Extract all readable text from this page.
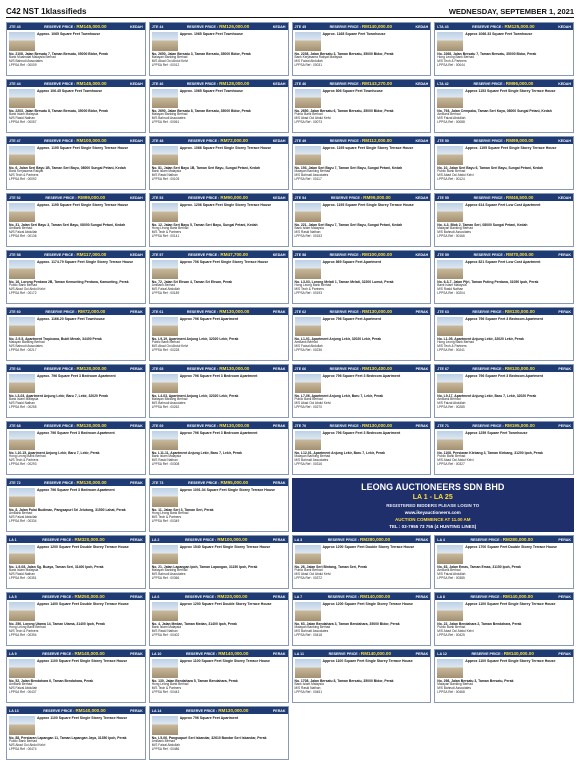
C42 NST 1klassifieds	WEDNESDAY, SEPTEMBER 1, 2021
JTE 43	RESERVE PRICE : RM145,000.00	KEDAH
Approx. 1065 Square Feet Townhouse
No. 2108, Jalan Bersatu 7, Taman Bersatu, 05000 Bidor, Perak
Bank Muamalat Malaysia Berhad
M/S Bahrudi Associates
LPPSA Ref : 00009
JTE 44	RESERVE PRICE : RM126,000.00	KEDAH
Approx. 1065 Square Feet Townhouse
No. 2650, Jalan Bersatu 3, Taman Bersatu, 35000 Bidor, Perak
Malayan Banking Berhad
M/S Abad Ooi Abdul Kelvi
LPPSA Ref : 00012
JTE 45	RESERVE PRICE : RM140,000.00	KEDAH
Approx. 1168 Square Feet Townhouse
No. 2238, Jalan Bersatu 3, Taman Bersatu, 35000 Bidor, Perak
Bank Kerjasama Rakyat Malaysia
M/S Faizal Abdullah
LPPSA Ref : 00031
LTA 43	RESERVE PRICE : RM125,000.00	KEDAH
Approx 1066.33 Square Feet Townhouse
No. 2268, Jalan Bersatu 7, Taman Bersatu, 35000 Bidor, Perak
Hong Leong Bank Berhad
M/S Teoh & Partners
LPPSA Ref : 00044
JTE 44	RESERVE PRICE : RM145,000.00	KEDAH
Approx 106.45 Square Feet Townhouse
No. 2203, Jalan Bersatu 8, Taman Bersatu, 35000 Bidor, Perak
Bank Islam Malaysia
M/S Rasid Nathan
LPPSA Ref : 00057
JTE 46	RESERVE PRICE : RM128,000.00	KEDAH
Approx. 1065 Square Feet Townhouse
No. 2690, Jalan Bersatu 8, Taman Bersatu, 35000 Bidor, Perak
Malayan Banking Berhad
M/S Bahrudi Associates
LPPSA Ref : 00061
JTE 46	RESERVE PRICE : RM143,270.00	KEDAH
Approx 806 Square Feet Townhouse
No. 2650, Jalan Bersatu 6, Taman Bersatu, 35000 Bidor, Perak
Public Bank Berhad
M/S Abad Ooi Abdul Kelvi
LPPSA Ref : 00073
LTA 42	RESERVE PRICE : RM96,000.00	KEDAH
Approx 1153 Square Feet Single Storey Terrace House
No. 793, Jalan Cempaka, Taman Seri Kaya, 08000 Sungai Petani, Kedah
AmBank Berhad
M/S Faizal Abdullah
LPPSA Ref : 00088
JTE 47	RESERVE PRICE : RM100,000.00	KEDAH
Approx. 1195 Square Feet Single Storey Terrace House
No. 6, Jalan Seri Bayu 1B, Taman Seri Bayu, 08000 Sungai Petani, Kedah
Bank Kerjasama Rakyat
M/S Teoh & Partners
LPPSA Ref : 00092
JTE 48	RESERVE PRICE : RM72,000.00	KEDAH
Approx. 1066 Square Feet Single Storey Terrace House
No. 81, Jalan Seri Bayu 1B, Taman Seri Bayu, Sungai Petani, Kedah
Bank Islam Malaysia
M/S Rasid Nathan
LPPSA Ref : 00105
JTE 49	RESERVE PRICE : RM112,000.00	KEDAH
Approx. 1195 square Feet Single Storey Terrace House
No. 193, Jalan Seri Bayu 7, Taman Seri Bayu, Sungai Petani, Kedah
Malayan Banking Berhad
M/S Bahrudi Associates
LPPSA Ref : 00117
JTE 50	RESERVE PRICE : RM99,000.00	KEDAH
Approx. 1195 Square Feet Single Storey Terrace House
No. 10, Jalan Seri Bayu 6, Taman Seri Bayu, Sungai Petani, Kedah
Public Bank Berhad
M/S Abad Ooi Abdul Kelvi
LPPSA Ref : 00124
JTE 52	RESERVE PRICE : RM99,000.00	KEDAH
Approx. 1195 Square Feet Single Storey Terrace House
No. 31, Jalan Seri Bayu 3, Taman Seri Bayu, 08000 Sungai Petani, Kedah
AmBank Berhad
M/S Faizal Abdullah
LPPSA Ref : 00136
JTE 53	RESERVE PRICE : RM90,000.00	KEDAH
Approx. 1206 Square Feet Single Storey Terrace House
No. 12, Jalan Seri Bayu 5, Taman Seri Bayu, Sungai Petani, Kedah
Hong Leong Bank Berhad
M/S Teoh & Partners
LPPSA Ref : 00141
JTE 54	RESERVE PRICE : RM99,000.00	KEDAH
Approx. 1195 Square Feet Single Storey Terrace House
No. 221, Jalan Seri Bayu 7, Taman Seri Bayu, Sungai Petani, Kedah
Bank Islam Malaysia
M/S Rasid Nathan
LPPSA Ref : 00153
JTE 55	RESERVE PRICE : RM46,500.00	KEDAH
Approx 614 Square Feet Low Cost Apartment
No. 4-3, Blok 2, Taman Seri, 08000 Sungai Petani, Kedah
Malayan Banking Berhad
M/S Bahrudi Associates
LPPSA Ref : 00166
JTE 58	RESERVE PRICE : RM117,000.00	KEDAH
Approx. 1174.79 Square Feet Single Storey Terrace House
No. 16, Lorong Perdana 2B, Taman Kemunting Perdana, Kamunting, Perak
Public Bank Berhad
M/S Abad Ooi Abdul Kelvi
LPPSA Ref : 00172
JTE 57	RESERVE PRICE : RM47,700.00	KEDAH
Approx 706 Square Feet Single Storey Terrace House
No. 72, Jalan Sri Ehsan 4, Taman Sri Ehsan, Perak
AmBank Berhad
M/S Faizal Abdullah
LPPSA Ref : 00189
JTE 58	RESERVE PRICE : RM100,000.00	KEDAH
Approx 869 Square Feet Apartment
No. L3-03, Lorong Melati 1, Taman Melati, 32200 Lumut, Perak
Hong Leong Bank Berhad
M/S Teoh & Partners
LPPSA Ref : 00193
JTE 59	RESERVE PRICE : RM70,000.00	PERAK
Approx 821 Square Feet Low Cost Apartment
No. 6-3-7, Jalan Pijri, Taman Puting Perdana, 31050 Ipoh, Perak
Bank Islam Malaysia
M/S Rasid Nathan
LPPSA Ref : 00204
JTE 60	RESERVE PRICE : RM72,000.00	PERAK
Approx. 1166.20 Square Feet Townhouse
No. 2-9-5, Apartment Tropicana, Bukit Merah, 34400 Perak
Malayan Banking Berhad
M/S Bahrudi Associates
LPPSA Ref : 00217
JTE 61	RESERVE PRICE : RM130,000.00	PERAK
Approx 796 Square Feet Apartment
No. L9-19, Apartment Anjung Lekir, 32020 Lekir, Perak
Public Bank Berhad
M/S Abad Ooi Abdul Kelvi
LPPSA Ref : 00228
JTE 62	RESERVE PRICE : RM130,000.00	PERAK
Approx 796 Square Feet Apartment
No. L1-01, Apartment Anjung Lekir, 32020 Lekir, Perak
AmBank Berhad
M/S Faizal Abdullah
LPPSA Ref : 00236
JTE 63	RESERVE PRICE : RM130,000.00	PERAK
Approx 796 Square Feet 3 Bedroom Apartment
No. L1-05, Apartment Anjung Lekir, 32020 Lekir, Perak
Hong Leong Bank Berhad
M/S Teoh & Partners
LPPSA Ref : 00241
JTE 64	RESERVE PRICE : RM130,000.00	PERAK
Approx. 796 Square Feet 3 Bedroom Apartment
No. L3-03, Apartment Anjung Lekir, Baru 7, Lekir, 32020 Perak
Bank Islam Malaysia
M/S Rasid Nathan
LPPSA Ref : 00255
JTE 65	RESERVE PRICE : RM130,000.00	PERAK
Approx 796 Square Feet 3 Bedroom Apartment
No. L4-03, Apartment Anjung Lekir, 32020 Lekir, Perak
Malayan Banking Berhad
M/S Bahrudi Associates
LPPSA Ref : 00262
JTE 66	RESERVE PRICE : RM130,400.00	PERAK
Approx 796 Square Feet 3 Bedroom Apartment
No. L7-06, Apartment Anjung Lekir, Baru 7, Lekir, Perak
Public Bank Berhad
M/S Abad Ooi Abdul Kelvi
LPPSA Ref : 00270
JTE 67	RESERVE PRICE : RM130,000.00	PERAK
Approx 796 Square Feet 3 Bedroom Apartment
No. L9-17, Apartment Anjung Lekir, Baru 7, Lekir, 32020 Perak
AmBank Berhad
M/S Faizal Abdullah
LPPSA Ref : 00285
JTE 68	RESERVE PRICE : RM130,000.00	PERAK
Approx 796 Square Feet 3 Bedroom Apartment
No. L10-15, Apartment Anjung Lekir, Baru 7, Lekir, Perak
Hong Leong Bank Berhad
M/S Teoh & Partners
LPPSA Ref : 00293
JTE 69	RESERVE PRICE : RM130,000.00	PERAK
Approx 796 Square Feet 3 Bedroom Apartment
No. L11-11, Apartment Anjung Lekir, Baru 7, Lekir, Perak
Bank Islam Malaysia
M/S Rasid Nathan
LPPSA Ref : 00308
JTE 70	RESERVE PRICE : RM130,000.00	PERAK
Approx 796 Square Feet 3 Bedroom Apartment
No. L12-01, Apartment Anjung Lekir, Baru 7, Lekir, Perak
Malayan Banking Berhad
M/S Bahrudi Associates
LPPSA Ref : 00316
JTE 71	RESERVE PRICE : RM195,000.00	PERAK
Approx 1259 Square Feet Townhouse
No. 1108, Persiaran Klebang 3, Taman Klebang, 31200 Ipoh, Perak
Public Bank Berhad
M/S Abad Ooi Abdul Kelvi
LPPSA Ref : 00327
JTE 72	RESERVE PRICE : RM130,000.00	PERAK
Approx 796 Square Feet 3 Bedroom Apartment
No. 8, Jalan Pulai Budiman, Pangsapuri Sri Jelutong, 31500 Lahat, Perak
AmBank Berhad
M/S Faizal Abdullah
LPPSA Ref : 00334
JTE 73	RESERVE PRICE : RM95,000.00	PERAK
Approx 1001.04 Square Feet Single Storey Terrace House
No. 11, Jalan Seri 3, Taman Seri, Perak
Hong Leong Bank Berhad
M/S Teoh & Partners
LPPSA Ref : 00349
LEONG AUCTIONEERS SDN BHD
LA 1 - LA 25
REGISTERED BIDDERS PLEASE LOGIN TO
www.ikeyauctioneers.com
AUCTION COMMENCE AT 11.00 AM
TEL : 03-7955 73 755 (4 HUNTING LINES)
LA 1	RESERVE PRICE : RM320,000.00	PERAK
Approx 1200 Square Feet Double Storey Terrace House
No. 1-9-08, Jalan Sg. Buaya, Taman Seri, 31400 Ipoh, Perak
Bank Islam Malaysia
M/S Rasid Nathan
LPPSA Ref : 00351
LA 2	RESERVE PRICE : RM100,000.00	PERAK
Approx 1540 Square Feet Single Storey Terrace House
No. 21, Jalan Lapangan Ipoh, Taman Lapangan, 31150 Ipoh, Perak
Malayan Banking Berhad
M/S Bahrudi Associates
LPPSA Ref : 00366
LA 3	RESERVE PRICE : RM280,000.00	PERAK
Approx 1200 Square Feet Double Storey Terrace House
No. 26, Jalan Seri Bintang, Taman Seri, Perak
Public Bank Berhad
M/S Abad Ooi Abdul Kelvi
LPPSA Ref : 00372
LA 4	RESERVE PRICE : RM280,000.00	PERAK
Approx 1700 Square Feet Double Storey Terrace House
No. 63, Jalan Emas, Taman Emas, 31150 Ipoh, Perak
AmBank Berhad
M/S Faizal Abdullah
LPPSA Ref : 00385
LA 5	RESERVE PRICE : RM250,000.00	PERAK
Approx 1400 Square Feet Double Storey Terrace House
No. 256, Lorong Utama 14, Taman Utama, 31400 Ipoh, Perak
Hong Leong Bank Berhad
M/S Teoh & Partners
LPPSA Ref : 00394
LA 6	RESERVE PRICE : RM220,000.00	PERAK
Approx 1200 Square Feet Double Storey Terrace House
No. 4, Jalan Medan, Taman Medan, 31400 Ipoh, Perak
Bank Islam Malaysia
M/S Rasid Nathan
LPPSA Ref : 00402
LA 7	RESERVE PRICE : RM140,000.00	PERAK
Approx 1200 Square Feet Single Storey Terrace House
No. 63, Jalan Bendahara 3, Taman Bendahara, 35000 Bidor, Perak
Malayan Banking Berhad
M/S Bahrudi Associates
LPPSA Ref : 00418
LA 8	RESERVE PRICE : RM140,000.00	PERAK
Approx 1100 Square Feet Single Storey Terrace House
No. 22, Jalan Bendahara 2, Taman Bendahara, Perak
Public Bank Berhad
M/S Abad Ooi Abdul Kelvi
LPPSA Ref : 00425
LA 9	RESERVE PRICE : RM140,000.00	PERAK
Approx 1100 Square Feet Single Storey Terrace House
No. 52, Jalan Bendahara 6, Taman Bendahara, Perak
AmBank Berhad
M/S Faizal Abdullah
LPPSA Ref : 00437
LA 10	RESERVE PRICE : RM140,000.00	PERAK
Approx 1100 Square Feet Single Storey Terrace House
No. 130, Jalan Bendahara 5, Taman Bendahara, Perak
Hong Leong Bank Berhad
M/S Teoh & Partners
LPPSA Ref : 00443
LA 11	RESERVE PRICE : RM140,000.00	PERAK
Approx 1100 Square Feet Single Storey Terrace House
No. 1708, Jalan Bersatu 8, Taman Bersatu, 35000 Bidor, Perak
Bank Islam Malaysia
M/S Rasid Nathan
LPPSA Ref : 00451
LA 12	RESERVE PRICE : RM140,000.00	PERAK
Approx 1100 Square Feet Single Storey Terrace House
No. 298, Jalan Bersatu 3, Taman Bersatu, Perak
Malayan Banking Berhad
M/S Bahrudi Associates
LPPSA Ref : 00468
LA 13	RESERVE PRICE : RM140,000.00	PERAK
Approx 1100 Square Feet Single Storey Terrace House
No. 88, Persiaran Lapangan 11, Taman Lapangan Jaya, 31350 Ipoh, Perak
Public Bank Berhad
M/S Abad Ooi Abdul Kelvi
LPPSA Ref : 00474
LA 14	RESERVE PRICE : RM130,000.00	PERAK
Approx 796 Square Feet Apartment
No. L5-06, Pangsapuri Seri Iskandar, 32610 Bandar Seri Iskandar, Perak
AmBank Berhad
M/S Faizal Abdullah
LPPSA Ref : 00486
